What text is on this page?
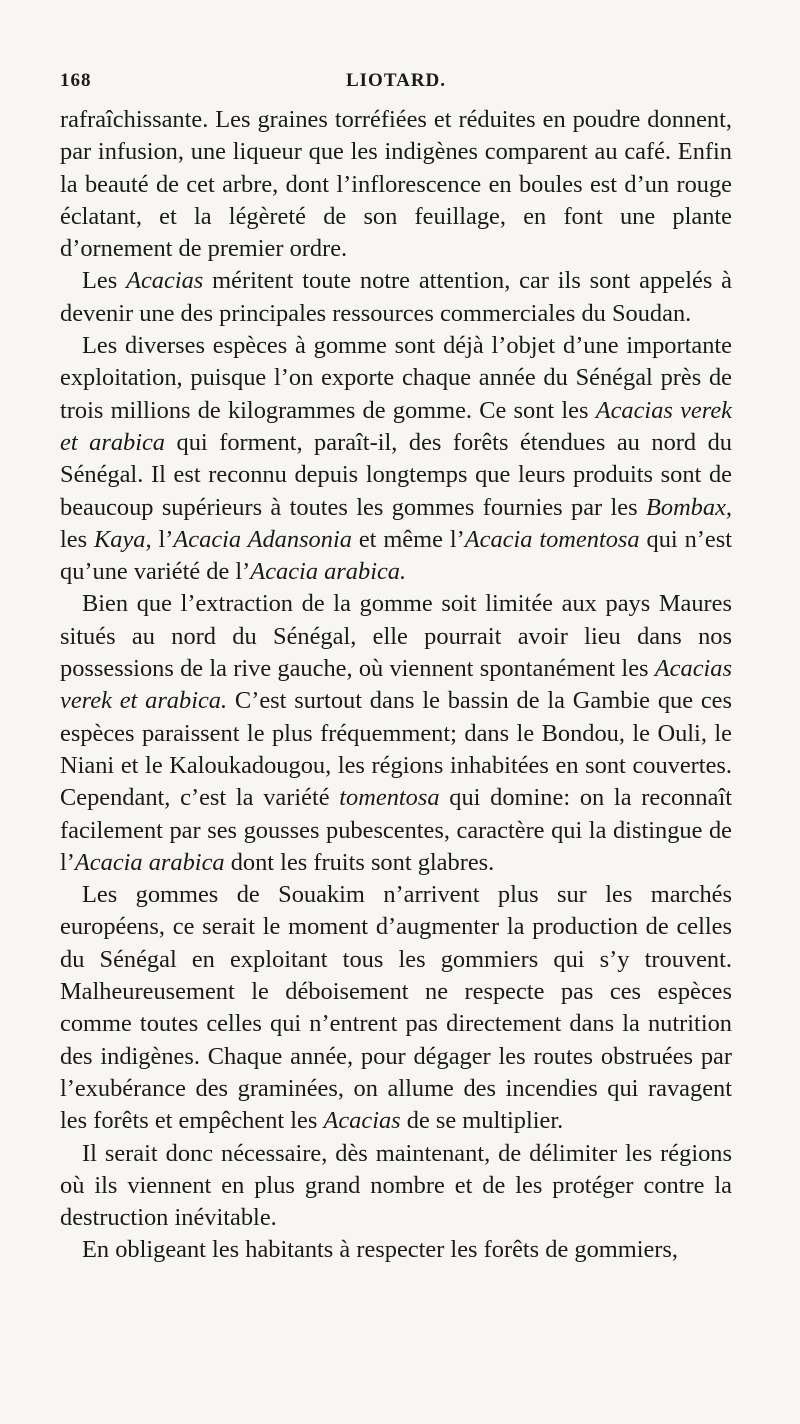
168	LIOTARD.

rafraîchissante. Les graines torréfiées et réduites en poudre donnent, par infusion, une liqueur que les indigènes comparent au café. Enfin la beauté de cet arbre, dont l’inflorescence en boules est d’un rouge éclatant, et la légèreté de son feuillage, en font une plante d’ornement de premier ordre.

Les Acacias méritent toute notre attention, car ils sont appelés à devenir une des principales ressources commerciales du Soudan.

Les diverses espèces à gomme sont déjà l’objet d’une importante exploitation, puisque l’on exporte chaque année du Sénégal près de trois millions de kilogrammes de gomme. Ce sont les Acacias verek et arabica qui forment, paraît-il, des forêts étendues au nord du Sénégal. Il est reconnu depuis longtemps que leurs produits sont de beaucoup supérieurs à toutes les gommes fournies par les Bombax, les Kaya, l’Acacia Adansonia et même l’Acacia tomentosa qui n’est qu’une variété de l’Acacia arabica.

Bien que l’extraction de la gomme soit limitée aux pays Maures situés au nord du Sénégal, elle pourrait avoir lieu dans nos possessions de la rive gauche, où viennent spontanément les Acacias verek et arabica. C’est surtout dans le bassin de la Gambie que ces espèces paraissent le plus fréquemment; dans le Bondou, le Ouli, le Niani et le Kaloukadougou, les régions inhabitées en sont couvertes. Cependant, c’est la variété tomentosa qui domine: on la reconnaît facilement par ses gousses pubescentes, caractère qui la distingue de l’Acacia arabica dont les fruits sont glabres.

Les gommes de Souakim n’arrivent plus sur les marchés européens, ce serait le moment d’augmenter la production de celles du Sénégal en exploitant tous les gommiers qui s’y trouvent. Malheureusement le déboisement ne respecte pas ces espèces comme toutes celles qui n’entrent pas directement dans la nutrition des indigènes. Chaque année, pour dégager les routes obstruées par l’exubérance des graminées, on allume des incendies qui ravagent les forêts et empêchent les Acacias de se multiplier.

Il serait donc nécessaire, dès maintenant, de délimiter les régions où ils viennent en plus grand nombre et de les protéger contre la destruction inévitable.

En obligeant les habitants à respecter les forêts de gommiers,
